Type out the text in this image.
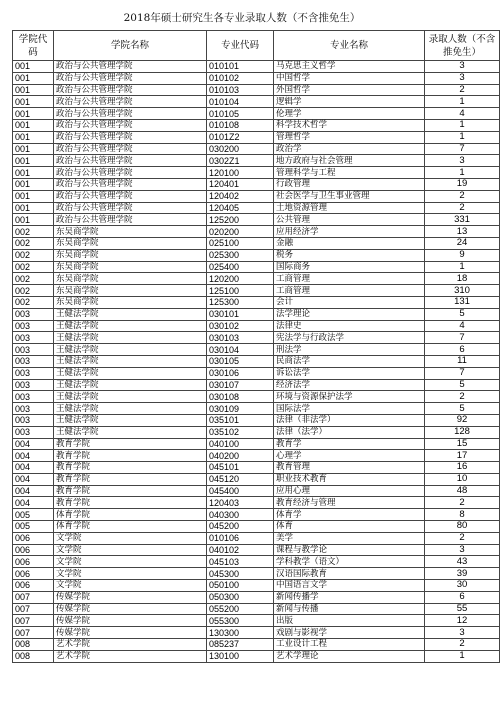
2018年硕士研究生各专业录取人数（不含推免生）
学院代码	学院名称	专业代码	专业名称	录取人数（不含推免生）
001	政治与公共管理学院	010101	马克思主义哲学	3
001	政治与公共管理学院	010102	中国哲学	3
001	政治与公共管理学院	010103	外国哲学	2
001	政治与公共管理学院	010104	逻辑学	1
001	政治与公共管理学院	010105	伦理学	4
001	政治与公共管理学院	010108	科学技术哲学	1
001	政治与公共管理学院	0101Z2	管理哲学	1
001	政治与公共管理学院	030200	政治学	7
001	政治与公共管理学院	0302Z1	地方政府与社会管理	3
001	政治与公共管理学院	120100	管理科学与工程	1
001	政治与公共管理学院	120401	行政管理	19
001	政治与公共管理学院	120402	社会医学与卫生事业管理	2
001	政治与公共管理学院	120405	土地资源管理	2
001	政治与公共管理学院	125200	公共管理	331
002	东吴商学院	020200	应用经济学	13
002	东吴商学院	025100	金融	24
002	东吴商学院	025300	税务	9
002	东吴商学院	025400	国际商务	1
002	东吴商学院	120200	工商管理	18
002	东吴商学院	125100	工商管理	310
002	东吴商学院	125300	会计	131
003	王健法学院	030101	法学理论	5
003	王健法学院	030102	法律史	4
003	王健法学院	030103	宪法学与行政法学	7
003	王健法学院	030104	刑法学	6
003	王健法学院	030105	民商法学	11
003	王健法学院	030106	诉讼法学	7
003	王健法学院	030107	经济法学	5
003	王健法学院	030108	环境与资源保护法学	2
003	王健法学院	030109	国际法学	5
003	王健法学院	035101	法律（非法学）	92
003	王健法学院	035102	法律（法学）	128
004	教育学院	040100	教育学	15
004	教育学院	040200	心理学	17
004	教育学院	045101	教育管理	16
004	教育学院	045120	职业技术教育	10
004	教育学院	045400	应用心理	48
004	教育学院	120403	教育经济与管理	2
005	体育学院	040300	体育学	8
005	体育学院	045200	体育	80
006	文学院	010106	美学	2
006	文学院	040102	课程与教学论	3
006	文学院	045103	学科教学（语文）	43
006	文学院	045300	汉语国际教育	39
006	文学院	050100	中国语言文学	30
007	传媒学院	050300	新闻传播学	6
007	传媒学院	055200	新闻与传播	55
007	传媒学院	055300	出版	12
007	传媒学院	130300	戏剧与影视学	3
008	艺术学院	085237	工业设计工程	2
008	艺术学院	130100	艺术学理论	1
